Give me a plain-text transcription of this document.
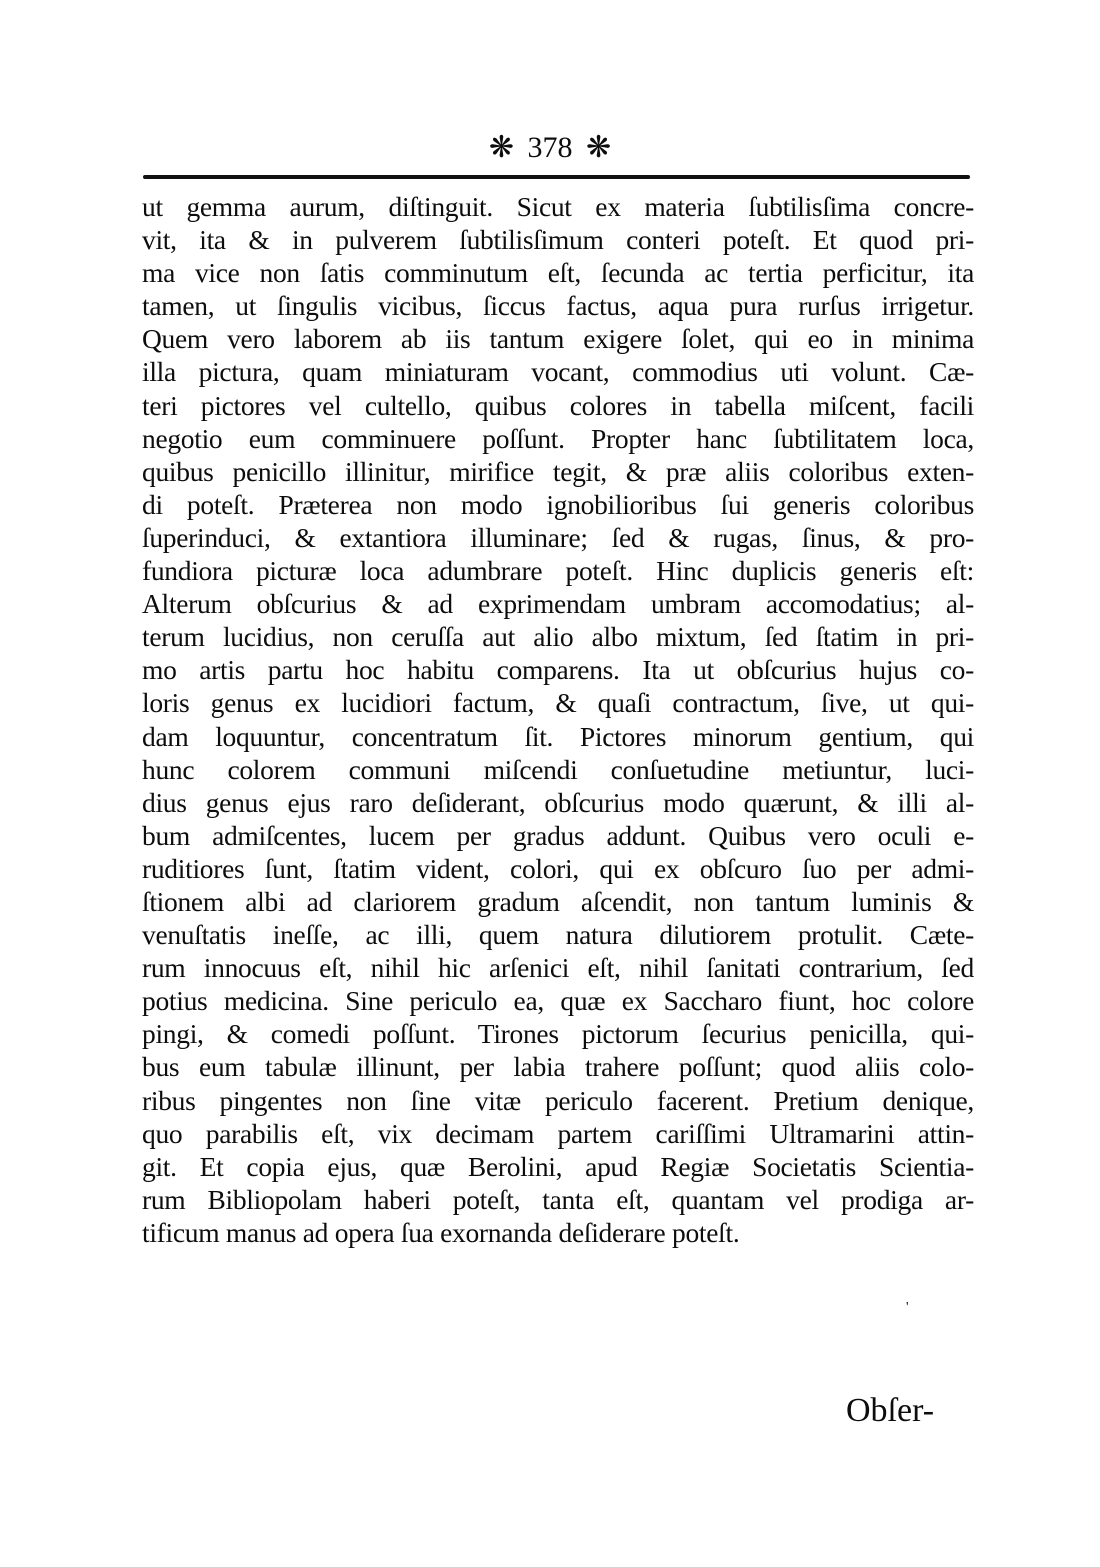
❋ 378 ❋
ut gemma aurum, diſtinguit. Sicut ex materia ſubtilisſima concre-
vit, ita & in pulverem ſubtilisſimum conteri poteſt. Et quod pri-
ma vice non ſatis comminutum eſt, ſecunda ac tertia perficitur, ita
tamen, ut ſingulis vicibus, ſiccus factus, aqua pura rurſus irrigetur.
Quem vero laborem ab iis tantum exigere ſolet, qui eo in minima
illa pictura, quam miniaturam vocant, commodius uti volunt. Cæ-
teri pictores vel cultello, quibus colores in tabella miſcent, facili
negotio eum comminuere poſſunt. Propter hanc ſubtilitatem loca,
quibus penicillo illinitur, mirifice tegit, & præ aliis coloribus exten-
di poteſt. Præterea non modo ignobilioribus ſui generis coloribus
ſuperinduci, & extantiora illuminare; ſed & rugas, ſinus, & pro-
fundiora picturæ loca adumbrare poteſt. Hinc duplicis generis eſt:
Alterum obſcurius & ad exprimendam umbram accomodatius; al-
terum lucidius, non ceruſſa aut alio albo mixtum, ſed ſtatim in pri-
mo artis partu hoc habitu comparens. Ita ut obſcurius hujus co-
loris genus ex lucidiori factum, & quaſi contractum, ſive, ut qui-
dam loquuntur, concentratum ſit. Pictores minorum gentium, qui
hunc colorem communi miſcendi conſuetudine metiuntur, luci-
dius genus ejus raro deſiderant, obſcurius modo quærunt, & illi al-
bum admiſcentes, lucem per gradus addunt. Quibus vero oculi e-
ruditiores ſunt, ſtatim vident, colori, qui ex obſcuro ſuo per admi-
ſtionem albi ad clariorem gradum aſcendit, non tantum luminis &
venuſtatis ineſſe, ac illi, quem natura dilutiorem protulit. Cæte-
rum innocuus eſt, nihil hic arſenici eſt, nihil ſanitati contrarium, ſed
potius medicina. Sine periculo ea, quæ ex Saccharo fiunt, hoc colore
pingi, & comedi poſſunt. Tirones pictorum ſecurius penicilla, qui-
bus eum tabulæ illinunt, per labia trahere poſſunt; quod aliis colo-
ribus pingentes non ſine vitæ periculo facerent. Pretium denique,
quo parabilis eſt, vix decimam partem cariſſimi Ultramarini attin-
git. Et copia ejus, quæ Berolini, apud Regiæ Societatis Scientia-
rum Bibliopolam haberi poteſt, tanta eſt, quantam vel prodiga ar-
tificum manus ad opera ſua exornanda deſiderare poteſt.
'
Obſer-
